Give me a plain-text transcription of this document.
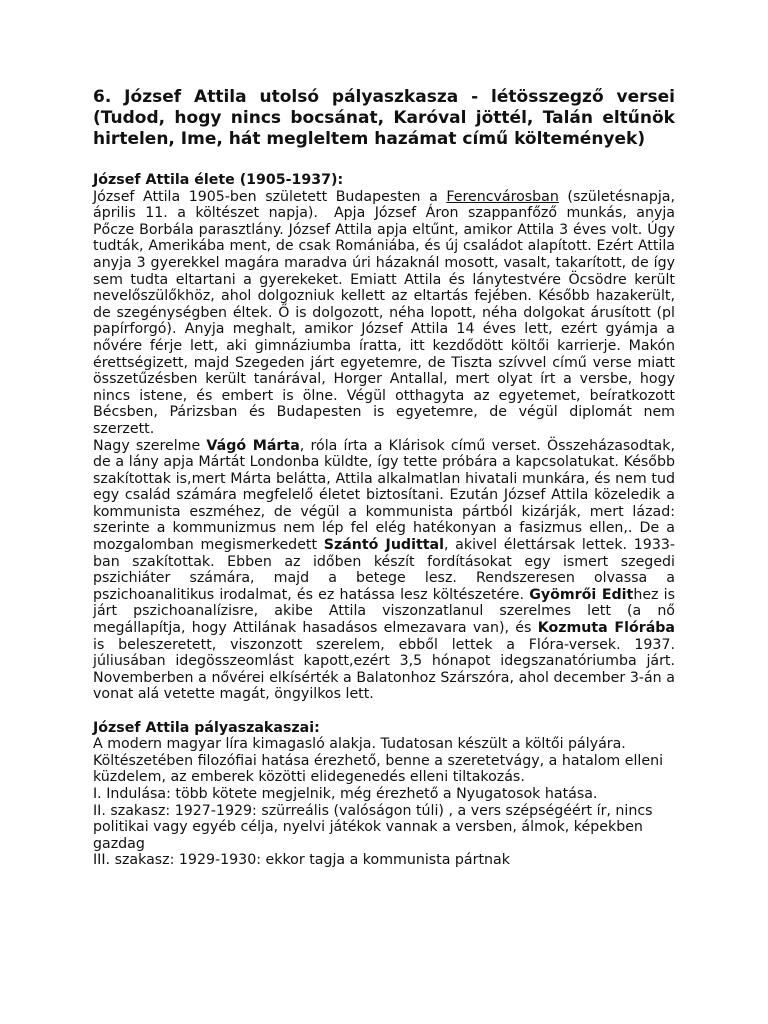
6. József Attila utolsó pályaszkasza - létösszegző versei (Tudod, hogy nincs bocsánat, Karóval jöttél, Talán eltűnök hirtelen, Ime, hát megleltem hazámat című költemények)
József Attila élete (1905-1937):

József Attila 1905-ben született Budapesten a Ferencvárosban (születésnapja, április 11. a költészet napja). Apja József Áron szappanfőző munkás, anyja Pőcze Borbála parasztlány. József Attila apja eltűnt, amikor Attila 3 éves volt. Úgy tudták, Amerikába ment, de csak Romániába, és új családot alapított. Ezért Attila anyja 3 gyerekkel magára maradva úri házaknál mosott, vasalt, takarított, de így sem tudta eltartani a gyerekeket. Emiatt Attila és lánytestvére Öcsödre került nevelőszülőkhöz, ahol dolgozniuk kellett az eltartás fejében. Később hazakerült, de szegénységben éltek. Ő is dolgozott, néha lopott, néha dolgokat árusított (pl papírforgó). Anyja meghalt, amikor József Attila 14 éves lett, ezért gyámja a nővére férje lett, aki gimnáziumba íratta, itt kezdődött költői karrierje. Makón érettségizett, majd Szegeden járt egyetemre, de Tiszta szívvel című verse miatt összetűzésben került tanárával, Horger Antallal, mert olyat írt a versbe, hogy nincs istene, és embert is ölne. Végül otthagyta az egyetemet, beíratkozott Bécsben, Párizsban és Budapesten is egyetemre, de végül diplomát nem szerzett.

Nagy szerelme Vágó Márta, róla írta a Klárisok című verset. Összeházasodtak, de a lány apja Mártát Londonba küldte, így tette próbára a kapcsolatukat. Később szakítottak is,mert Márta belátta, Attila alkalmatlan hivatali munkára, és nem tud egy család számára megfelelő életet biztosítani. Ezután József Attila közeledik a kommunista eszméhez, de végül a kommunista pártból kizárják, mert lázad: szerinte a kommunizmus nem lép fel elég hatékonyan a fasizmus ellen,. De a mozgalomban megismerkedett Szántó Judittal, akivel élettársak lettek. 1933-ban szakítottak. Ebben az időben készít fordításokat egy ismert szegedi pszichiáter számára, majd a betege lesz. Rendszeresen olvassa a pszichoanalitikus irodalmat, és ez hatássa lesz költészetére. Gyömrői Edithez is járt pszichoanalízisre, akibe Attila viszonzatlanul szerelmes lett (a nő megállapítja, hogy Attilának hasadásos elmezavara van), és Kozmuta Flórába is beleszeretett, viszonzott szerelem, ebből lettek a Flóra-versek. 1937. júliusában idegösszeomlást kapott,ezért 3,5 hónapot idegszanatóriumba járt. Novemberben a nővérei elkísérték a Balatonhoz Szárszóra, ahol december 3-án a vonat alá vetette magát, öngyilkos lett.

József Attila pályaszakaszai:

A modern magyar líra kimagasló alakja. Tudatosan készült a költői pályára. Költészetében filozófiai hatása érezhető, benne a szeretetvágy, a hatalom elleni küzdelem, az emberek közötti elidegenedés elleni tiltakozás.

I. Indulása: több kötete megjelnik, még érezhető a Nyugatosok hatása.

II. szakasz: 1927-1929: szürreális (valóságon túli) , a vers szépségéért ír, nincs politikai vagy egyéb célja, nyelvi játékok vannak a versben, álmok, képekben gazdag

III. szakasz: 1929-1930: ekkor tagja a kommunista pártnak
